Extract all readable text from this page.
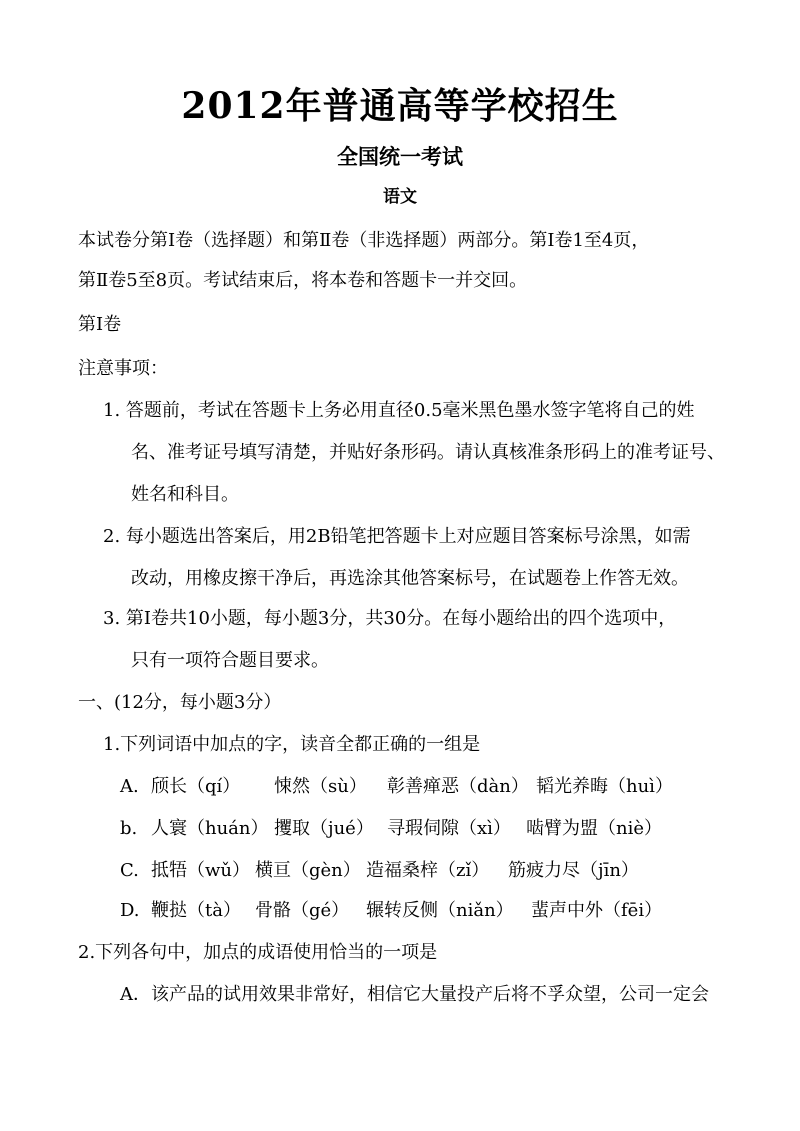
2012年普通高等学校招生
全国统一考试
语文
本试卷分第Ⅰ卷（选择题）和第Ⅱ卷（非选择题）两部分。第Ⅰ卷1至4页，
第Ⅱ卷5至8页。考试结束后，将本卷和答题卡一并交回。
第Ⅰ卷
注意事项：
1. 答题前，考试在答题卡上务必用直径0.5毫米黑色墨水签字笔将自己的姓
名、准考证号填写清楚，并贴好条形码。请认真核准条形码上的准考证号、
姓名和科目。
2. 每小题选出答案后，用2B铅笔把答题卡上对应题目答案标号涂黑，如需
改动，用橡皮擦干净后，再选涂其他答案标号，在试题卷上作答无效。
3. 第Ⅰ卷共10小题，每小题3分，共30分。在每小题给出的四个选项中，
只有一项符合题目要求。
一、(12分，每小题3分）
1.下列词语中加点的字，读音全都正确的一组是
A. 颀长（qí） 悚然（sù） 彰善瘅恶（dàn） 韬光养晦（huì）
b. 人寰（huán） 攫取（jué） 寻瑕伺隙（xì） 啮臂为盟（niè）
C. 抵牾（wǔ） 横亘（gèn） 造福桑梓（zǐ） 筋疲力尽（jīn）
D. 鞭挞（tà） 骨骼（gé） 辗转反侧（niǎn） 蜚声中外（fēi）
2.下列各句中，加点的成语使用恰当的一项是
A．该产品的试用效果非常好，相信它大量投产后将不孚众望，公司一定会
